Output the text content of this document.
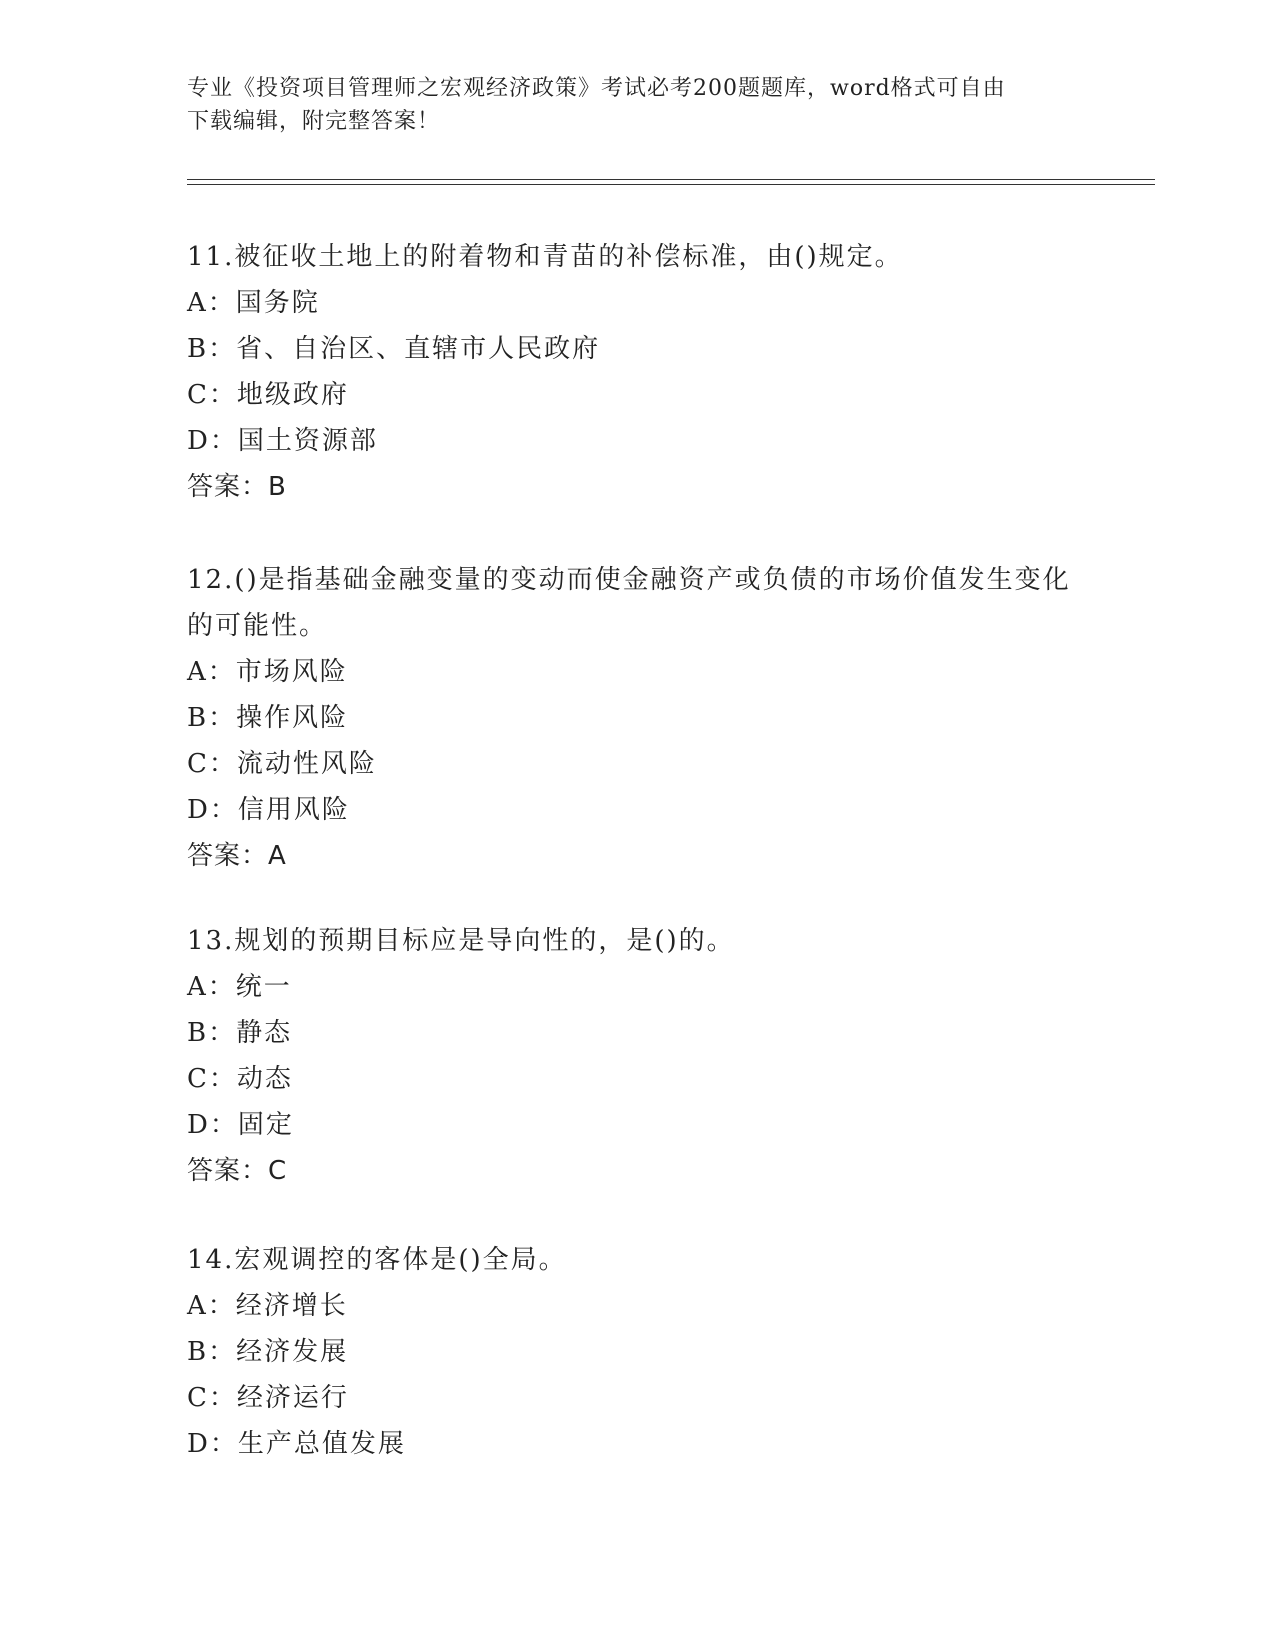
专业《投资项目管理师之宏观经济政策》考试必考200题题库，word格式可自由
下载编辑，附完整答案！

11.被征收土地上的附着物和青苗的补偿标准，由()规定。

A：国务院
B：省、自治区、直辖市人民政府
C：地级政府
D：国土资源部
答案：B

12.()是指基础金融变量的变动而使金融资产或负债的市场价值发生变化的可能性。

A：市场风险
B：操作风险
C：流动性风险
D：信用风险
答案：A

13.规划的预期目标应是导向性的，是()的。

A：统一
B：静态
C：动态
D：固定
答案：C

14.宏观调控的客体是()全局。

A：经济增长
B：经济发展
C：经济运行
D：生产总值发展
